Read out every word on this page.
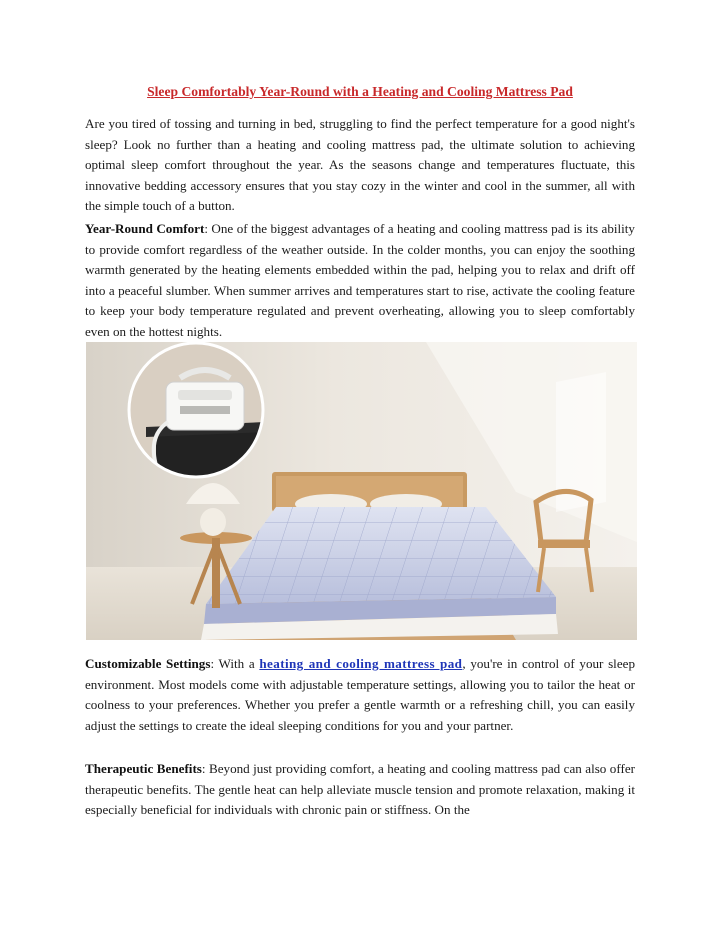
Sleep Comfortably Year-Round with a Heating and Cooling Mattress Pad

Are you tired of tossing and turning in bed, struggling to find the perfect temperature for a good night's sleep? Look no further than a heating and cooling mattress pad, the ultimate solution to achieving optimal sleep comfort throughout the year. As the seasons change and temperatures fluctuate, this innovative bedding accessory ensures that you stay cozy in the winter and cool in the summer, all with the simple touch of a button.

Year-Round Comfort: One of the biggest advantages of a heating and cooling mattress pad is its ability to provide comfort regardless of the weather outside. In the colder months, you can enjoy the soothing warmth generated by the heating elements embedded within the pad, helping you to relax and drift off into a peaceful slumber. When summer arrives and temperatures start to rise, activate the cooling feature to keep your body temperature regulated and prevent overheating, allowing you to sleep comfortably even on the hottest nights.

Customizable Settings: With a heating and cooling mattress pad, you're in control of your sleep environment. Most models come with adjustable temperature settings, allowing you to tailor the heat or coolness to your preferences. Whether you prefer a gentle warmth or a refreshing chill, you can easily adjust the settings to create the ideal sleeping conditions for you and your partner.

Therapeutic Benefits: Beyond just providing comfort, a heating and cooling mattress pad can also offer therapeutic benefits. The gentle heat can help alleviate muscle tension and promote relaxation, making it especially beneficial for individuals with chronic pain or stiffness. On the
